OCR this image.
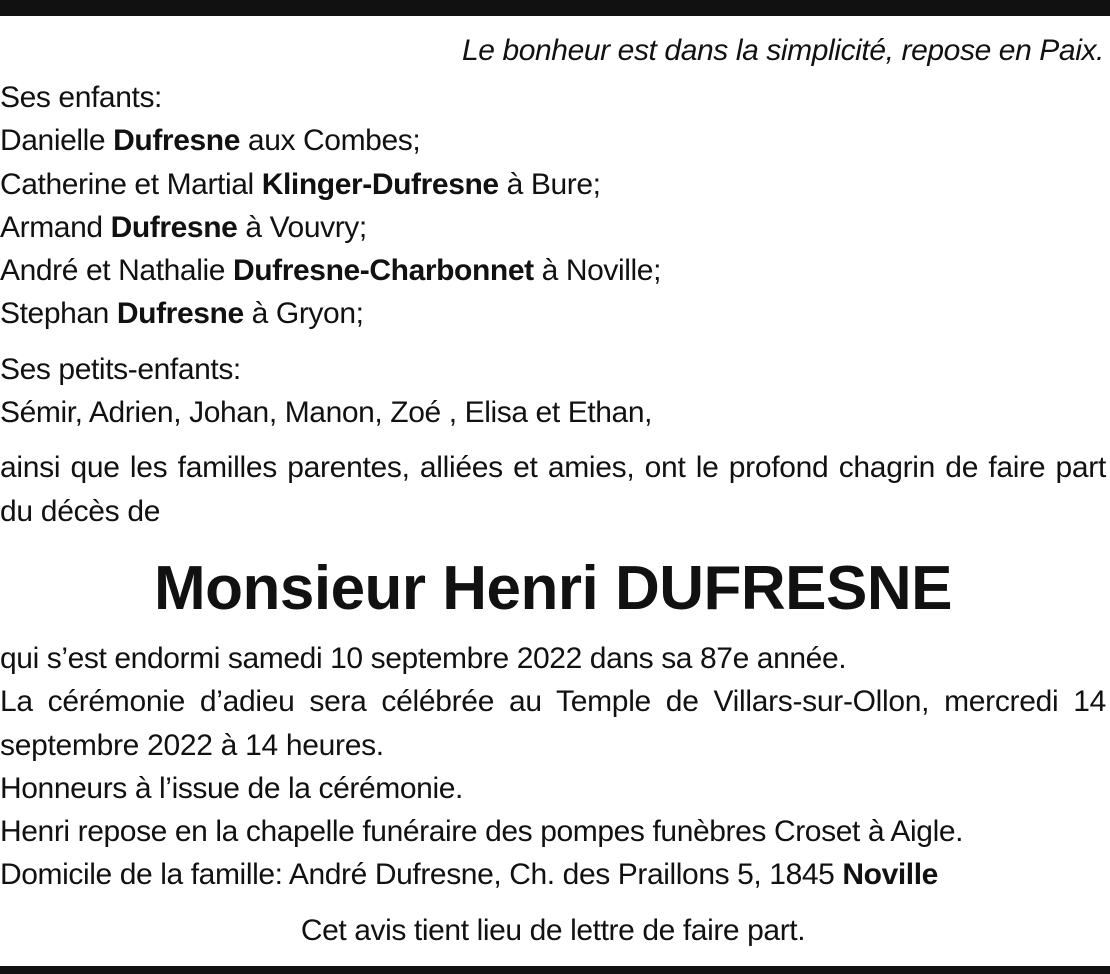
Le bonheur est dans la simplicité, repose en Paix.
Ses enfants:
Danielle Dufresne aux Combes;
Catherine et Martial Klinger-Dufresne à Bure;
Armand Dufresne à Vouvry;
André et Nathalie Dufresne-Charbonnet à Noville;
Stephan Dufresne à Gryon;
Ses petits-enfants:
Sémir, Adrien, Johan, Manon, Zoé , Elisa et Ethan,
ainsi que les familles parentes, alliées et amies, ont le profond chagrin de faire part du décès de
Monsieur Henri DUFRESNE
qui s’est endormi samedi 10 septembre 2022 dans sa 87e année.
La cérémonie d’adieu sera célébrée au Temple de Villars-sur-Ollon, mercredi 14 septembre 2022 à 14 heures.
Honneurs à l’issue de la cérémonie.
Henri repose en la chapelle funéraire des pompes funèbres Croset à Aigle.
Domicile de la famille: André Dufresne, Ch. des Praillons 5, 1845 Noville
Cet avis tient lieu de lettre de faire part.
